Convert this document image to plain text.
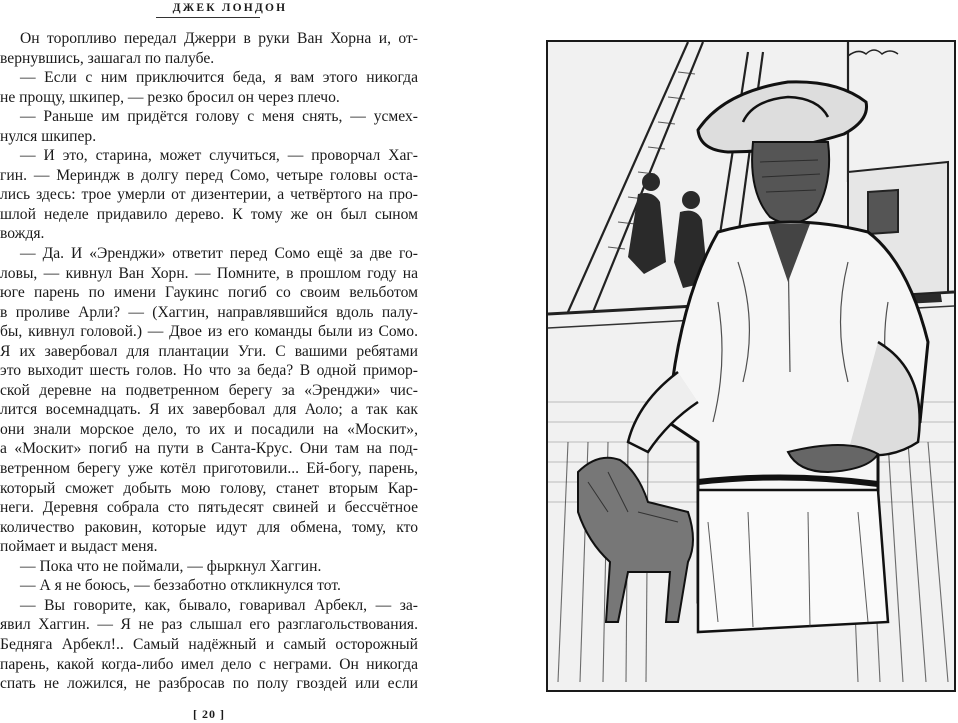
ДЖЕК ЛОНДОН
Он торопливо передал Джерри в руки Ван Хорна и, от-
вернувшись, зашагал по палубе.
— Если с ним приключится беда, я вам этого никогда
не прощу, шкипер, — резко бросил он через плечо.
— Раньше им придётся голову с меня снять, — усмех-
нулся шкипер.
— И это, старина, может случиться, — проворчал Хаг-
гин. — Мериндж в долгу перед Сомо, четыре головы оста-
лись здесь: трое умерли от дизентерии, а четвёртого на про-
шлой неделе придавило дерево. К тому же он был сыном
вождя.
— Да. И «Эренджи» ответит перед Сомо ещё за две го-
ловы, — кивнул Ван Хорн. — Помните, в прошлом году на
юге парень по имени Гаукинс погиб со своим вельботом
в проливе Арли? — (Хаггин, направлявшийся вдоль палу-
бы, кивнул головой.) — Двое из его команды были из Сомо.
Я их завербовал для плантации Уги. С вашими ребятами
это выходит шесть голов. Но что за беда? В одной примор-
ской деревне на подветренном берегу за «Эренджи» чис-
лится восемнадцать. Я их завербовал для Аоло; а так как
они знали морское дело, то их и посадили на «Москит»,
а «Москит» погиб на пути в Санта-Крус. Они там на под-
ветренном берегу уже котёл приготовили... Ей-богу, парень,
который сможет добыть мою голову, станет вторым Кар-
неги. Деревня собрала сто пятьдесят свиней и бессчётное
количество раковин, которые идут для обмена, тому, кто
поймает и выдаст меня.
— Пока что не поймали, — фыркнул Хаггин.
— А я не боюсь, — беззаботно откликнулся тот.
— Вы говорите, как, бывало, говаривал Арбекл, — за-
явил Хаггин. — Я не раз слышал его разглагольствования.
Бедняга Арбекл!.. Самый надёжный и самый осторожный
парень, какой когда-либо имел дело с неграми. Он никогда
спать не ложился, не разбросав по полу гвоздей или если
[ 20 ]
